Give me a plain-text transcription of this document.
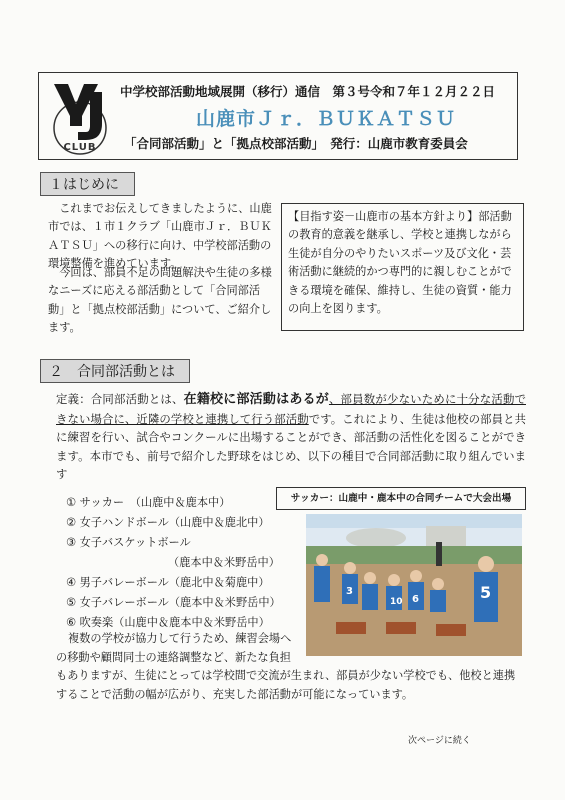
CLUB
中学校部活動地域展開（移行）通信　第３号令和７年１２月２２日
山鹿市Ｊｒ．ＢＵＫＡＴＳＵ
「合同部活動」と「拠点校部活動」　発行：山鹿市教育委員会
１はじめに
　これまでお伝えしてきましたように、山鹿市では、１市１クラブ「山鹿市Ｊｒ．ＢＵＫＡＴＳＵ」への移行に向け、中学校部活動の環境整備を進めています。
　今回は、部員不足の問題解決や生徒の多様なニーズに応える部活動として「合同部活動」と「拠点校部活動」について、ご紹介します。
【目指す姿－山鹿市の基本方針より】部活動の教育的意義を継承し、学校と連携しながら生徒が自分のやりたいスポーツ及び文化・芸術活動に継続的かつ専門的に親しむことができる環境を確保、維持し、生徒の資質・能力の向上を図ります。
２ 合同部活動とは
定義：合同部活動とは、在籍校に部活動はあるが、部員数が少ないために十分な活動できない場合に、近隣の学校と連携して行う部活動です。これにより、生徒は他校の部員と共に練習を行い、試合やコンクールに出場することができ、部活動の活性化を図ることができます。本市でも、前号で紹介した野球をはじめ、以下の種目で合同部活動に取り組んでいます
① サッカー　（山鹿中＆鹿本中）
② 女子ハンドボール（山鹿中＆鹿北中）
③ 女子バスケットボール
（鹿本中＆米野岳中）
④ 男子バレーボール（鹿北中＆菊鹿中）
⑤ 女子バレーボール（鹿本中＆米野岳中）
⑥ 吹奏楽（山鹿中＆鹿本中＆米野岳中）
サッカー：山鹿中・鹿本中の合同チームで大会出場
3
10 6	5
複数の学校が協力して行うため、練習会場へ
の移動や顧問同士の連絡調整など、新たな負担
もありますが、生徒にとっては学校間で交流が生まれ、部員が少ない学校でも、他校と連携することで活動の幅が広がり、充実した部活動が可能になっています。
次ページに続く
